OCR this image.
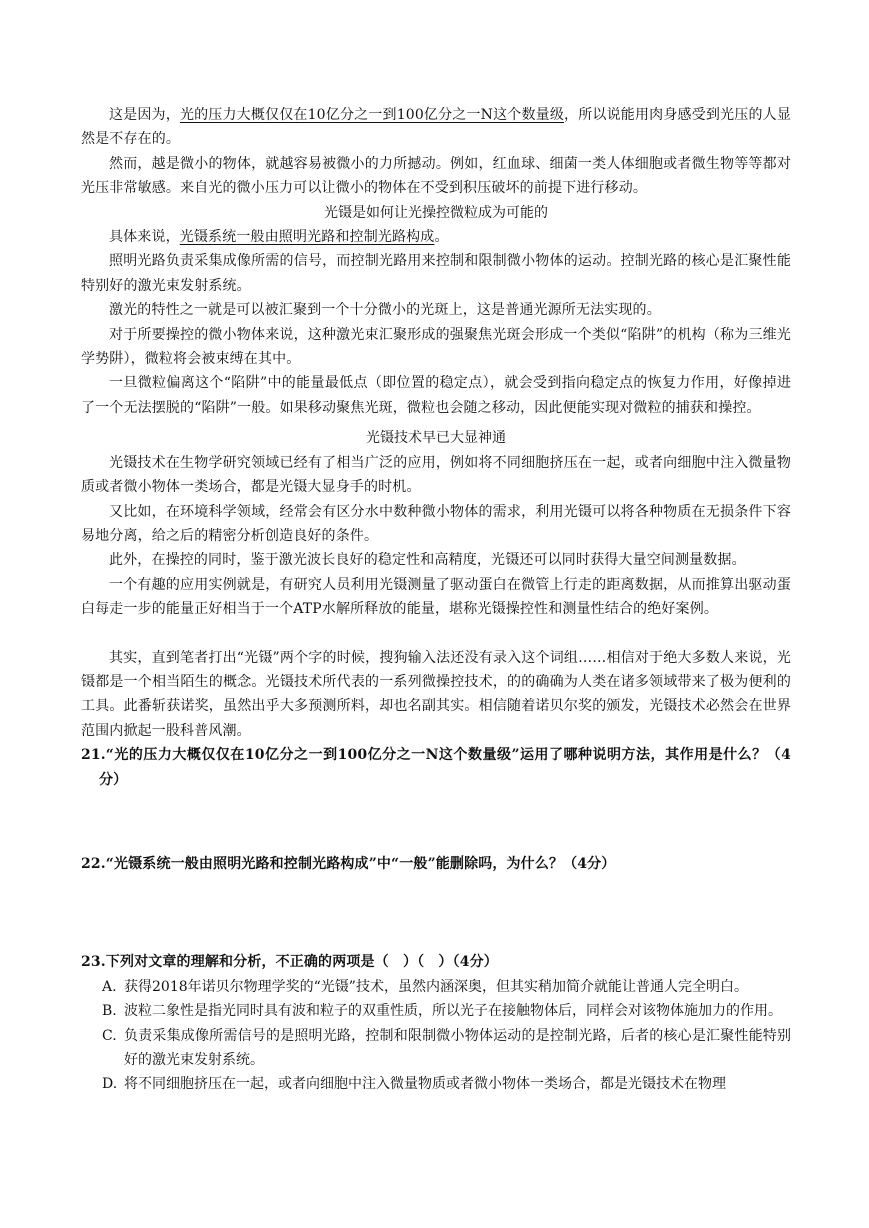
这是因为，光的压力大概仅仅在10亿分之一到100亿分之一N这个数量级，所以说能用肉身感受到光压的人显然是不存在的。

然而，越是微小的物体，就越容易被微小的力所撼动。例如，红血球、细菌一类人体细胞或者微生物等等都对光压非常敏感。来自光的微小压力可以让微小的物体在不受到积压破坏的前提下进行移动。

光镊是如何让光操控微粒成为可能的

具体来说，光镊系统一般由照明光路和控制光路构成。

照明光路负责采集成像所需的信号，而控制光路用来控制和限制微小物体的运动。控制光路的核心是汇聚性能特别好的激光束发射系统。

激光的特性之一就是可以被汇聚到一个十分微小的光斑上，这是普通光源所无法实现的。

对于所要操控的微小物体来说，这种激光束汇聚形成的强聚焦光斑会形成一个类似“陷阱”的机构（称为三维光学势阱），微粒将会被束缚在其中。

一旦微粒偏离这个“陷阱”中的能量最低点（即位置的稳定点），就会受到指向稳定点的恢复力作用，好像掉进了一个无法摆脱的“陷阱”一般。如果移动聚焦光斑，微粒也会随之移动，因此便能实现对微粒的捕获和操控。

光镊技术早已大显神通

光镊技术在生物学研究领域已经有了相当广泛的应用，例如将不同细胞挤压在一起，或者向细胞中注入微量物质或者微小物体一类场合，都是光镊大显身手的时机。

又比如，在环境科学领域，经常会有区分水中数种微小物体的需求，利用光镊可以将各种物质在无损条件下容易地分离，给之后的精密分析创造良好的条件。

此外，在操控的同时，鉴于激光波长良好的稳定性和高精度，光镊还可以同时获得大量空间测量数据。

一个有趣的应用实例就是，有研究人员利用光镊测量了驱动蛋白在微管上行走的距离数据，从而推算出驱动蛋白每走一步的能量正好相当于一个ATP水解所释放的能量，堪称光镊操控性和测量性结合的绝好案例。

其实，直到笔者打出“光镊”两个字的时候，搜狗输入法还没有录入这个词组……相信对于绝大多数人来说，光镊都是一个相当陌生的概念。光镊技术所代表的一系列微操控技术，的的确确为人类在诸多领域带来了极为便利的工具。此番斩获诺奖，虽然出乎大多预测所料，却也名副其实。相信随着诺贝尔奖的颁发，光镊技术必然会在世界范围内掀起一股科普风潮。

21.“光的压力大概仅仅在10亿分之一到100亿分之一N这个数量级”运用了哪种说明方法，其作用是什么？（4分）

22.“光镊系统一般由照明光路和控制光路构成”中“一般”能删除吗，为什么？（4分）

23.下列对文章的理解和分析，不正确的两项是（　）（　）（4分）

A. 获得2018年诺贝尔物理学奖的“光镊”技术，虽然内涵深奥，但其实稍加简介就能让普通人完全明白。
B. 波粒二象性是指光同时具有波和粒子的双重性质，所以光子在接触物体后，同样会对该物体施加力的作用。
C. 负责采集成像所需信号的是照明光路，控制和限制微小物体运动的是控制光路，后者的核心是汇聚性能特别好的激光束发射系统。
D. 将不同细胞挤压在一起，或者向细胞中注入微量物质或者微小物体一类场合，都是光镊技术在物理
